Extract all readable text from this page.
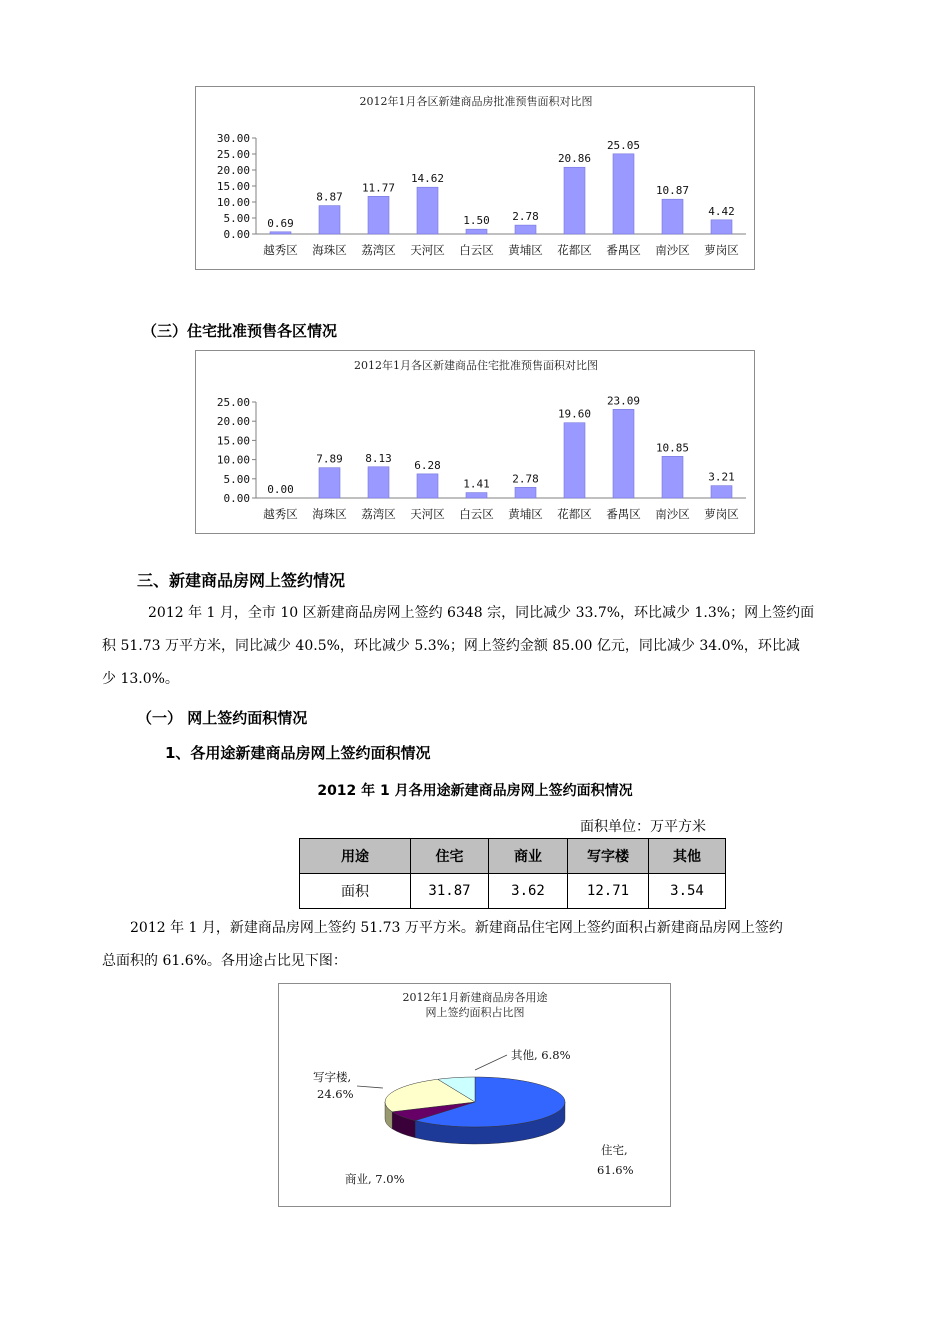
2012年1月各区新建商品房批准预售面积对比图
0.00
5.00
10.00
15.00
20.00
25.00
30.00
0.69
越秀区
8.87
海珠区
11.77
荔湾区
14.62
天河区
1.50
白云区
2.78
黄埔区
20.86
花都区
25.05
番禺区
10.87
南沙区
4.42
萝岗区
（三）住宅批准预售各区情况
2012年1月各区新建商品住宅批准预售面积对比图
0.00
5.00
10.00
15.00
20.00
25.00
0.00
越秀区
7.89
海珠区
8.13
荔湾区
6.28
天河区
1.41
白云区
2.78
黄埔区
19.60
花都区
23.09
番禺区
10.85
南沙区
3.21
萝岗区
三、新建商品房网上签约情况
2012 年 1 月，全市 10 区新建商品房网上签约 6348 宗，同比减少 33.7%，环比减少 1.3%；网上签约面
积 51.73 万平方米，同比减少 40.5%，环比减少 5.3%；网上签约金额 85.00 亿元，同比减少 34.0%，环比减
少 13.0%。
（一） 网上签约面积情况
1、各用途新建商品房网上签约面积情况
2012 年 1 月各用途新建商品房网上签约面积情况
面积单位：万平方米
用途	住宅	商业	写字楼	其他
面积	31.87	3.62	12.71	3.54
2012 年 1 月，新建商品房网上签约 51.73 万平方米。新建商品住宅网上签约面积占新建商品房网上签约
总面积的 61.6%。各用途占比见下图：
2012年1月新建商品房各用途
网上签约面积占比图
住宅,
61.6%
商业, 7.0%
写字楼,
24.6%
其他, 6.8%
